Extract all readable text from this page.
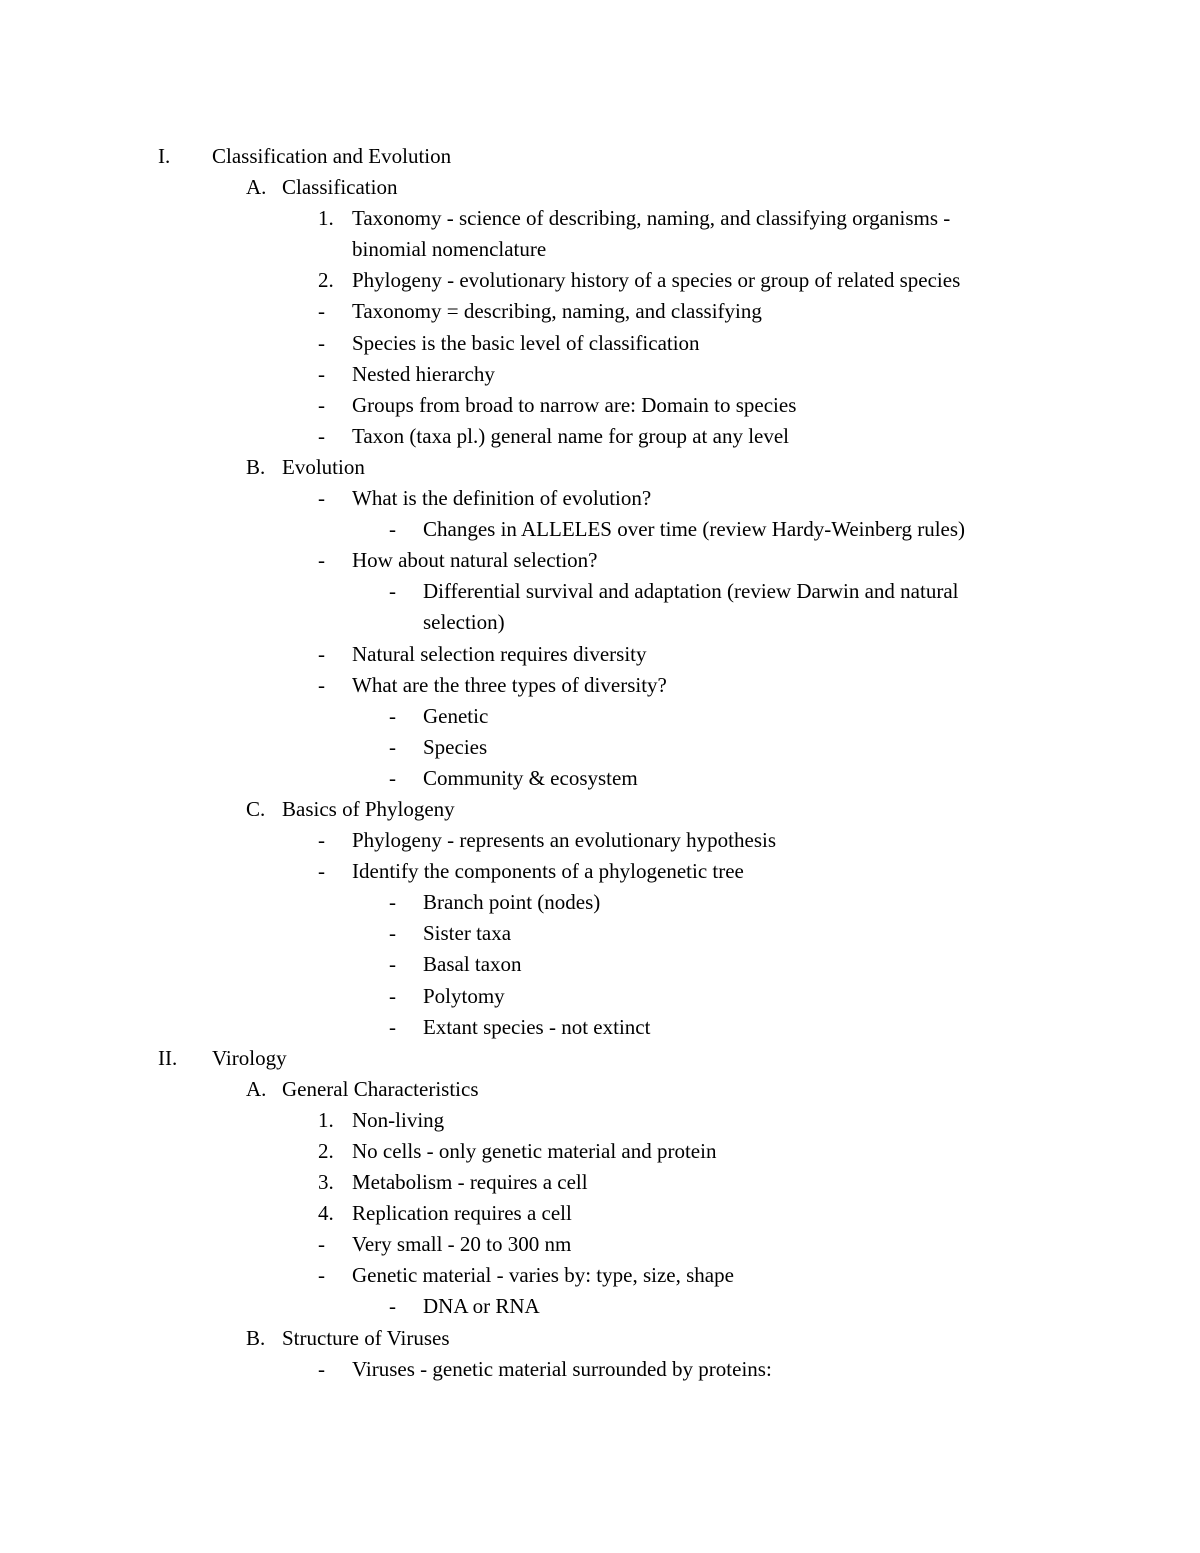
I. Classification and Evolution
A. Classification
1. Taxonomy - science of describing, naming, and classifying organisms -
binomial nomenclature
2. Phylogeny - evolutionary history of a species or group of related species
- Taxonomy = describing, naming, and classifying
- Species is the basic level of classification
- Nested hierarchy
- Groups from broad to narrow are: Domain to species
- Taxon (taxa pl.) general name for group at any level
B. Evolution
- What is the definition of evolution?
- Changes in ALLELES over time (review Hardy-Weinberg rules)
- How about natural selection?
- Differential survival and adaptation (review Darwin and natural
selection)
- Natural selection requires diversity
- What are the three types of diversity?
- Genetic
- Species
- Community & ecosystem
C. Basics of Phylogeny
- Phylogeny - represents an evolutionary hypothesis
- Identify the components of a phylogenetic tree
- Branch point (nodes)
- Sister taxa
- Basal taxon
- Polytomy
- Extant species - not extinct
II. Virology
A. General Characteristics
1. Non-living
2. No cells - only genetic material and protein
3. Metabolism - requires a cell
4. Replication requires a cell
- Very small - 20 to 300 nm
- Genetic material - varies by: type, size, shape
- DNA or RNA
B. Structure of Viruses
- Viruses - genetic material surrounded by proteins:
